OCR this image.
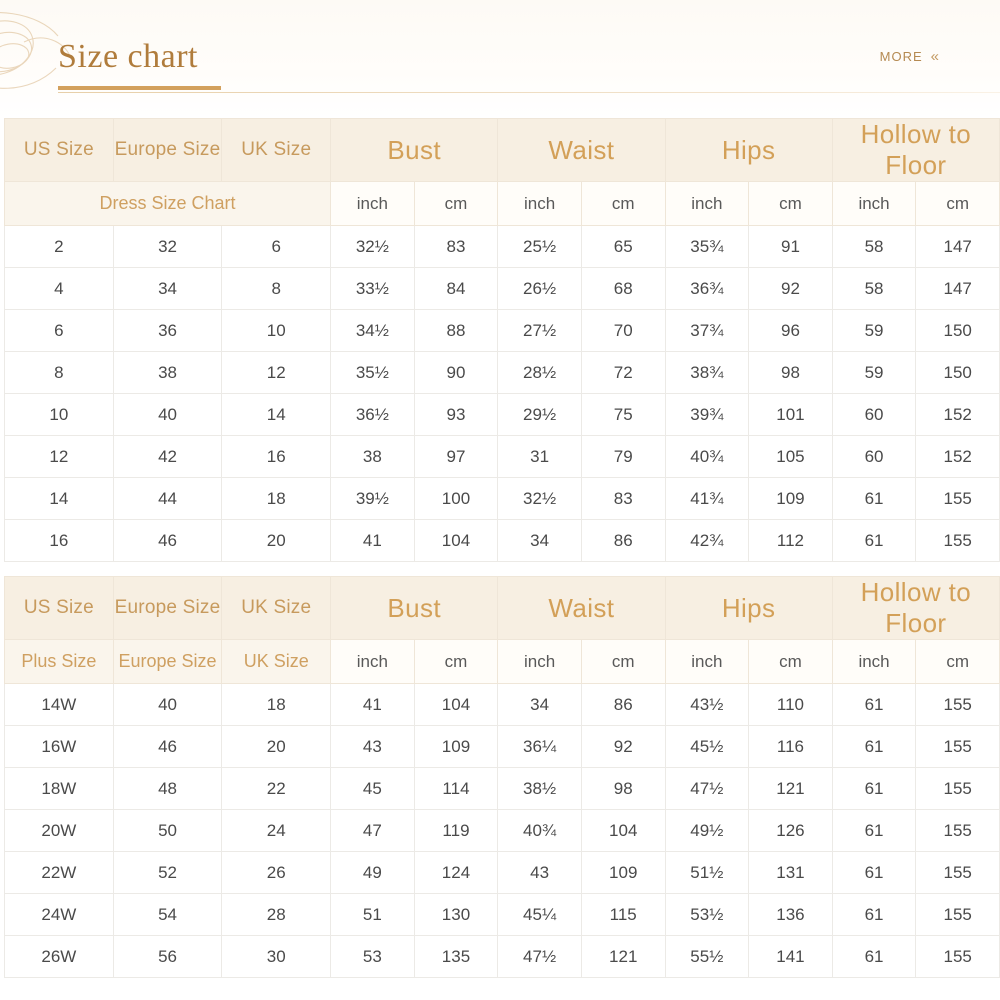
Size chart	MORE «
US Size	Europe Size	UK Size	Bust		Waist		Hips		Hollow to Floor	
Dress Size Chart			inch	cm	inch	cm	inch	cm	inch	cm
2	32	6	32½	83	25½	65	35¾	91	58	147
4	34	8	33½	84	26½	68	36¾	92	58	147
6	36	10	34½	88	27½	70	37¾	96	59	150
8	38	12	35½	90	28½	72	38¾	98	59	150
10	40	14	36½	93	29½	75	39¾	101	60	152
12	42	16	38	97	31	79	40¾	105	60	152
14	44	18	39½	100	32½	83	41¾	109	61	155
16	46	20	41	104	34	86	42¾	112	61	155
US Size	Europe Size	UK Size	Bust		Waist		Hips		Hollow to Floor	
Plus Size	Europe Size	UK Size	inch	cm	inch	cm	inch	cm	inch	cm
14W	40	18	41	104	34	86	43½	110	61	155
16W	46	20	43	109	36¼	92	45½	116	61	155
18W	48	22	45	114	38½	98	47½	121	61	155
20W	50	24	47	119	40¾	104	49½	126	61	155
22W	52	26	49	124	43	109	51½	131	61	155
24W	54	28	51	130	45¼	115	53½	136	61	155
26W	56	30	53	135	47½	121	55½	141	61	155
